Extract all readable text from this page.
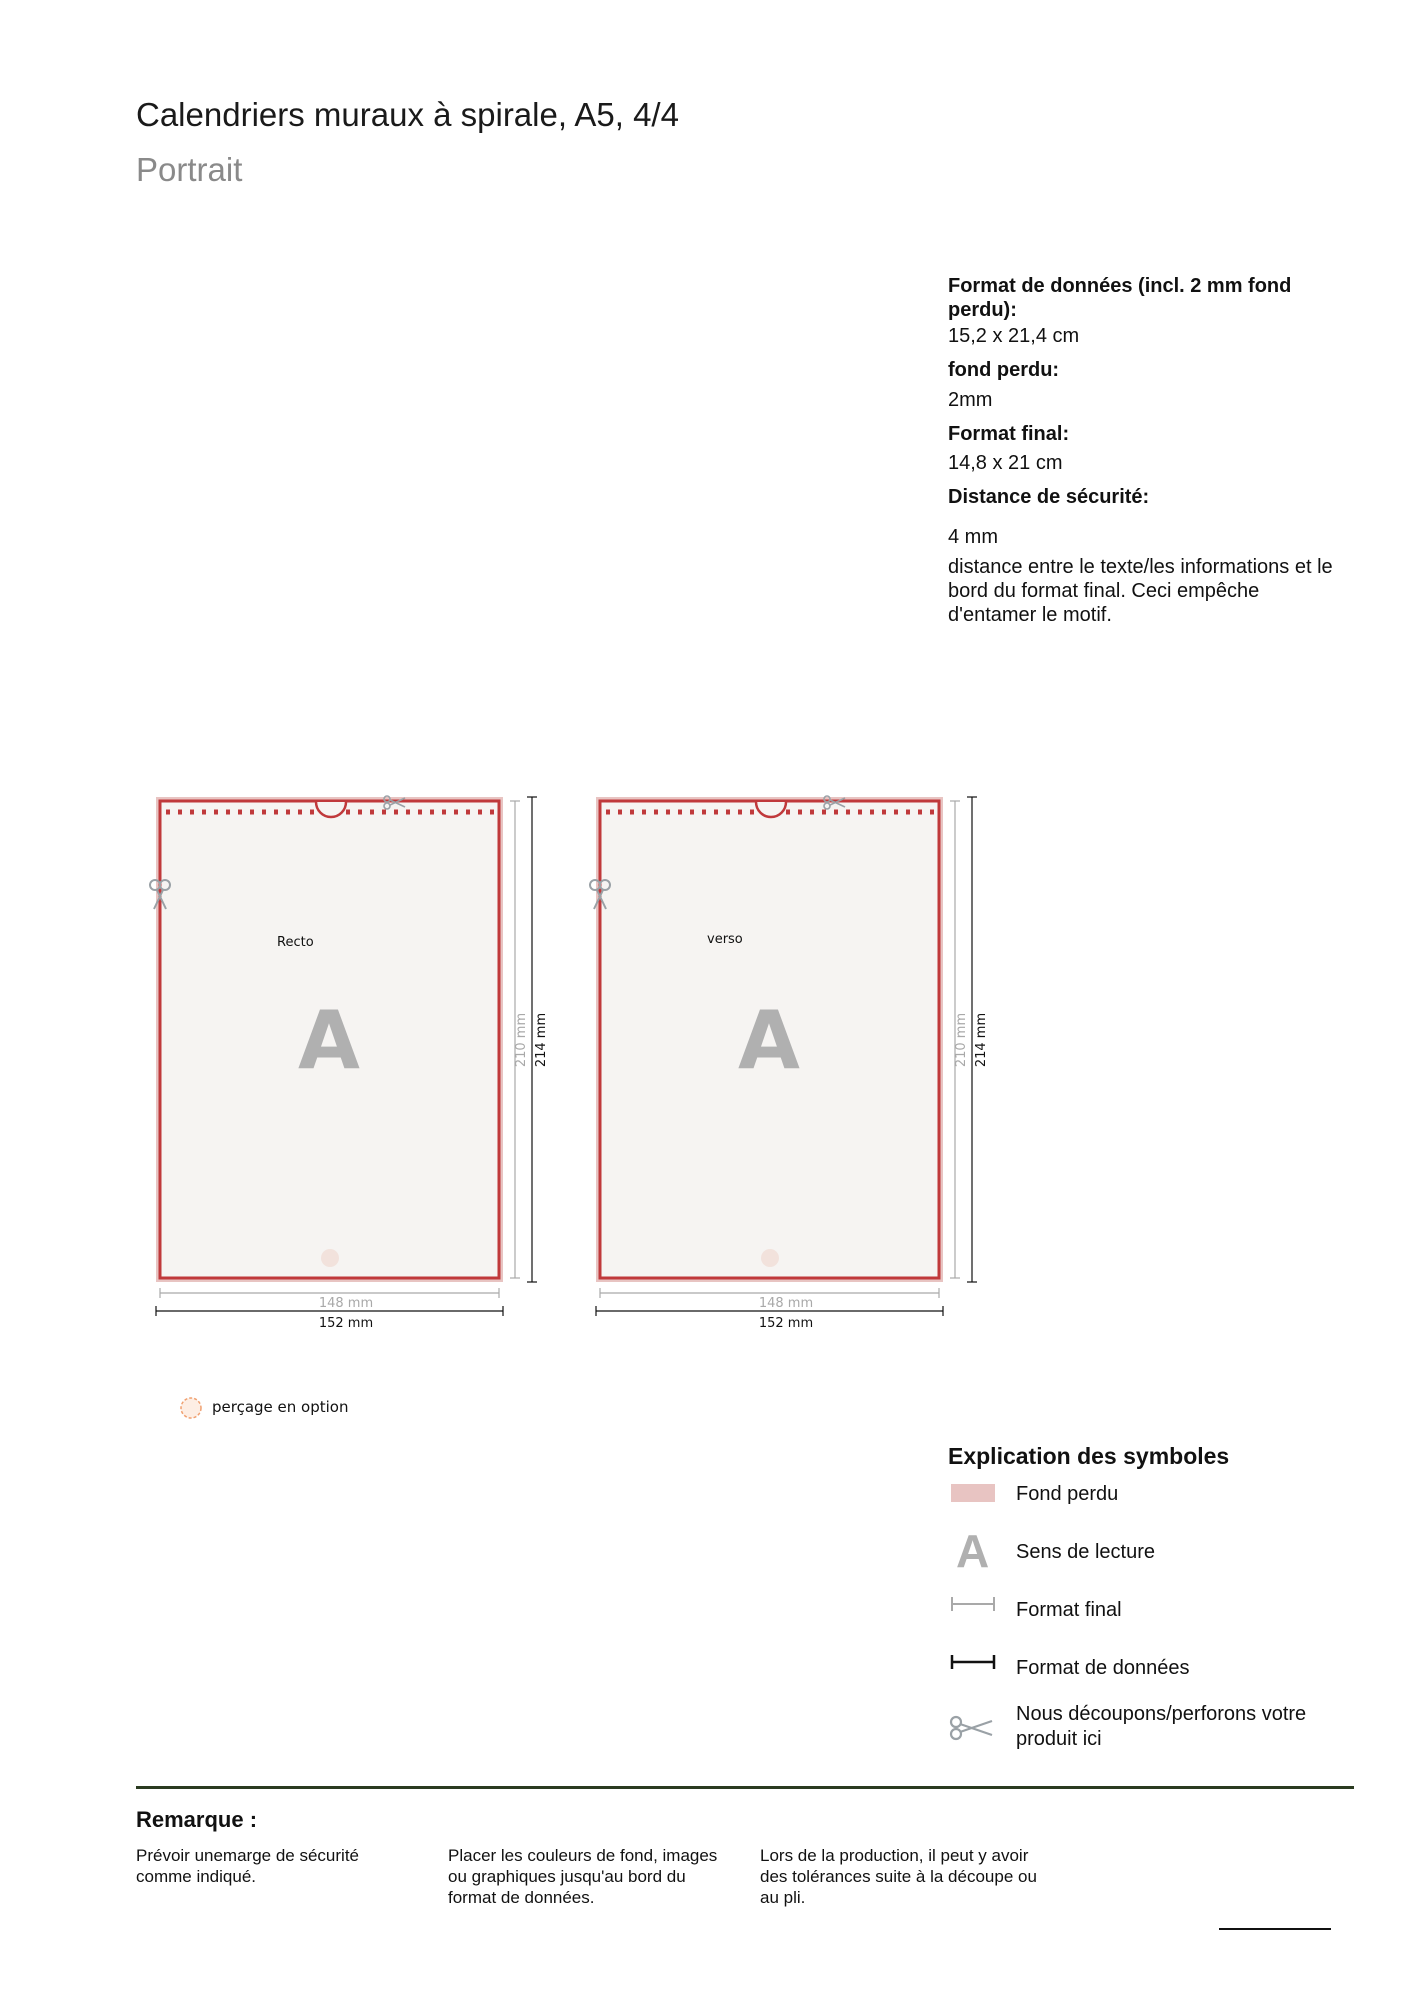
Calendriers muraux à spirale, A5, 4/4
Portrait
Format de données (incl. 2 mm fond perdu):
15,2 x 21,4 cm
fond perdu:
2mm
Format final:
14,8 x 21 cm
Distance de sécurité:
4 mm
distance entre le texte/les informations et le bord du format final. Ceci empêche d'entamer le motif.
Recto
A	210 mm 214 mm
148 mm
152 mm
verso
A	210 mm 214 mm
148 mm
152 mm
perçage en option
Explication des symboles
Fond perdu
A Sens de lecture
Format final
Format de données
Nous découpons/perforons votre produit ici
Remarque :
Prévoir unemarge de sécurité comme indiqué.
Placer les couleurs de fond, images ou graphiques jusqu'au bord du format de données.
Lors de la production, il peut y avoir des tolérances suite à la découpe ou au pli.
